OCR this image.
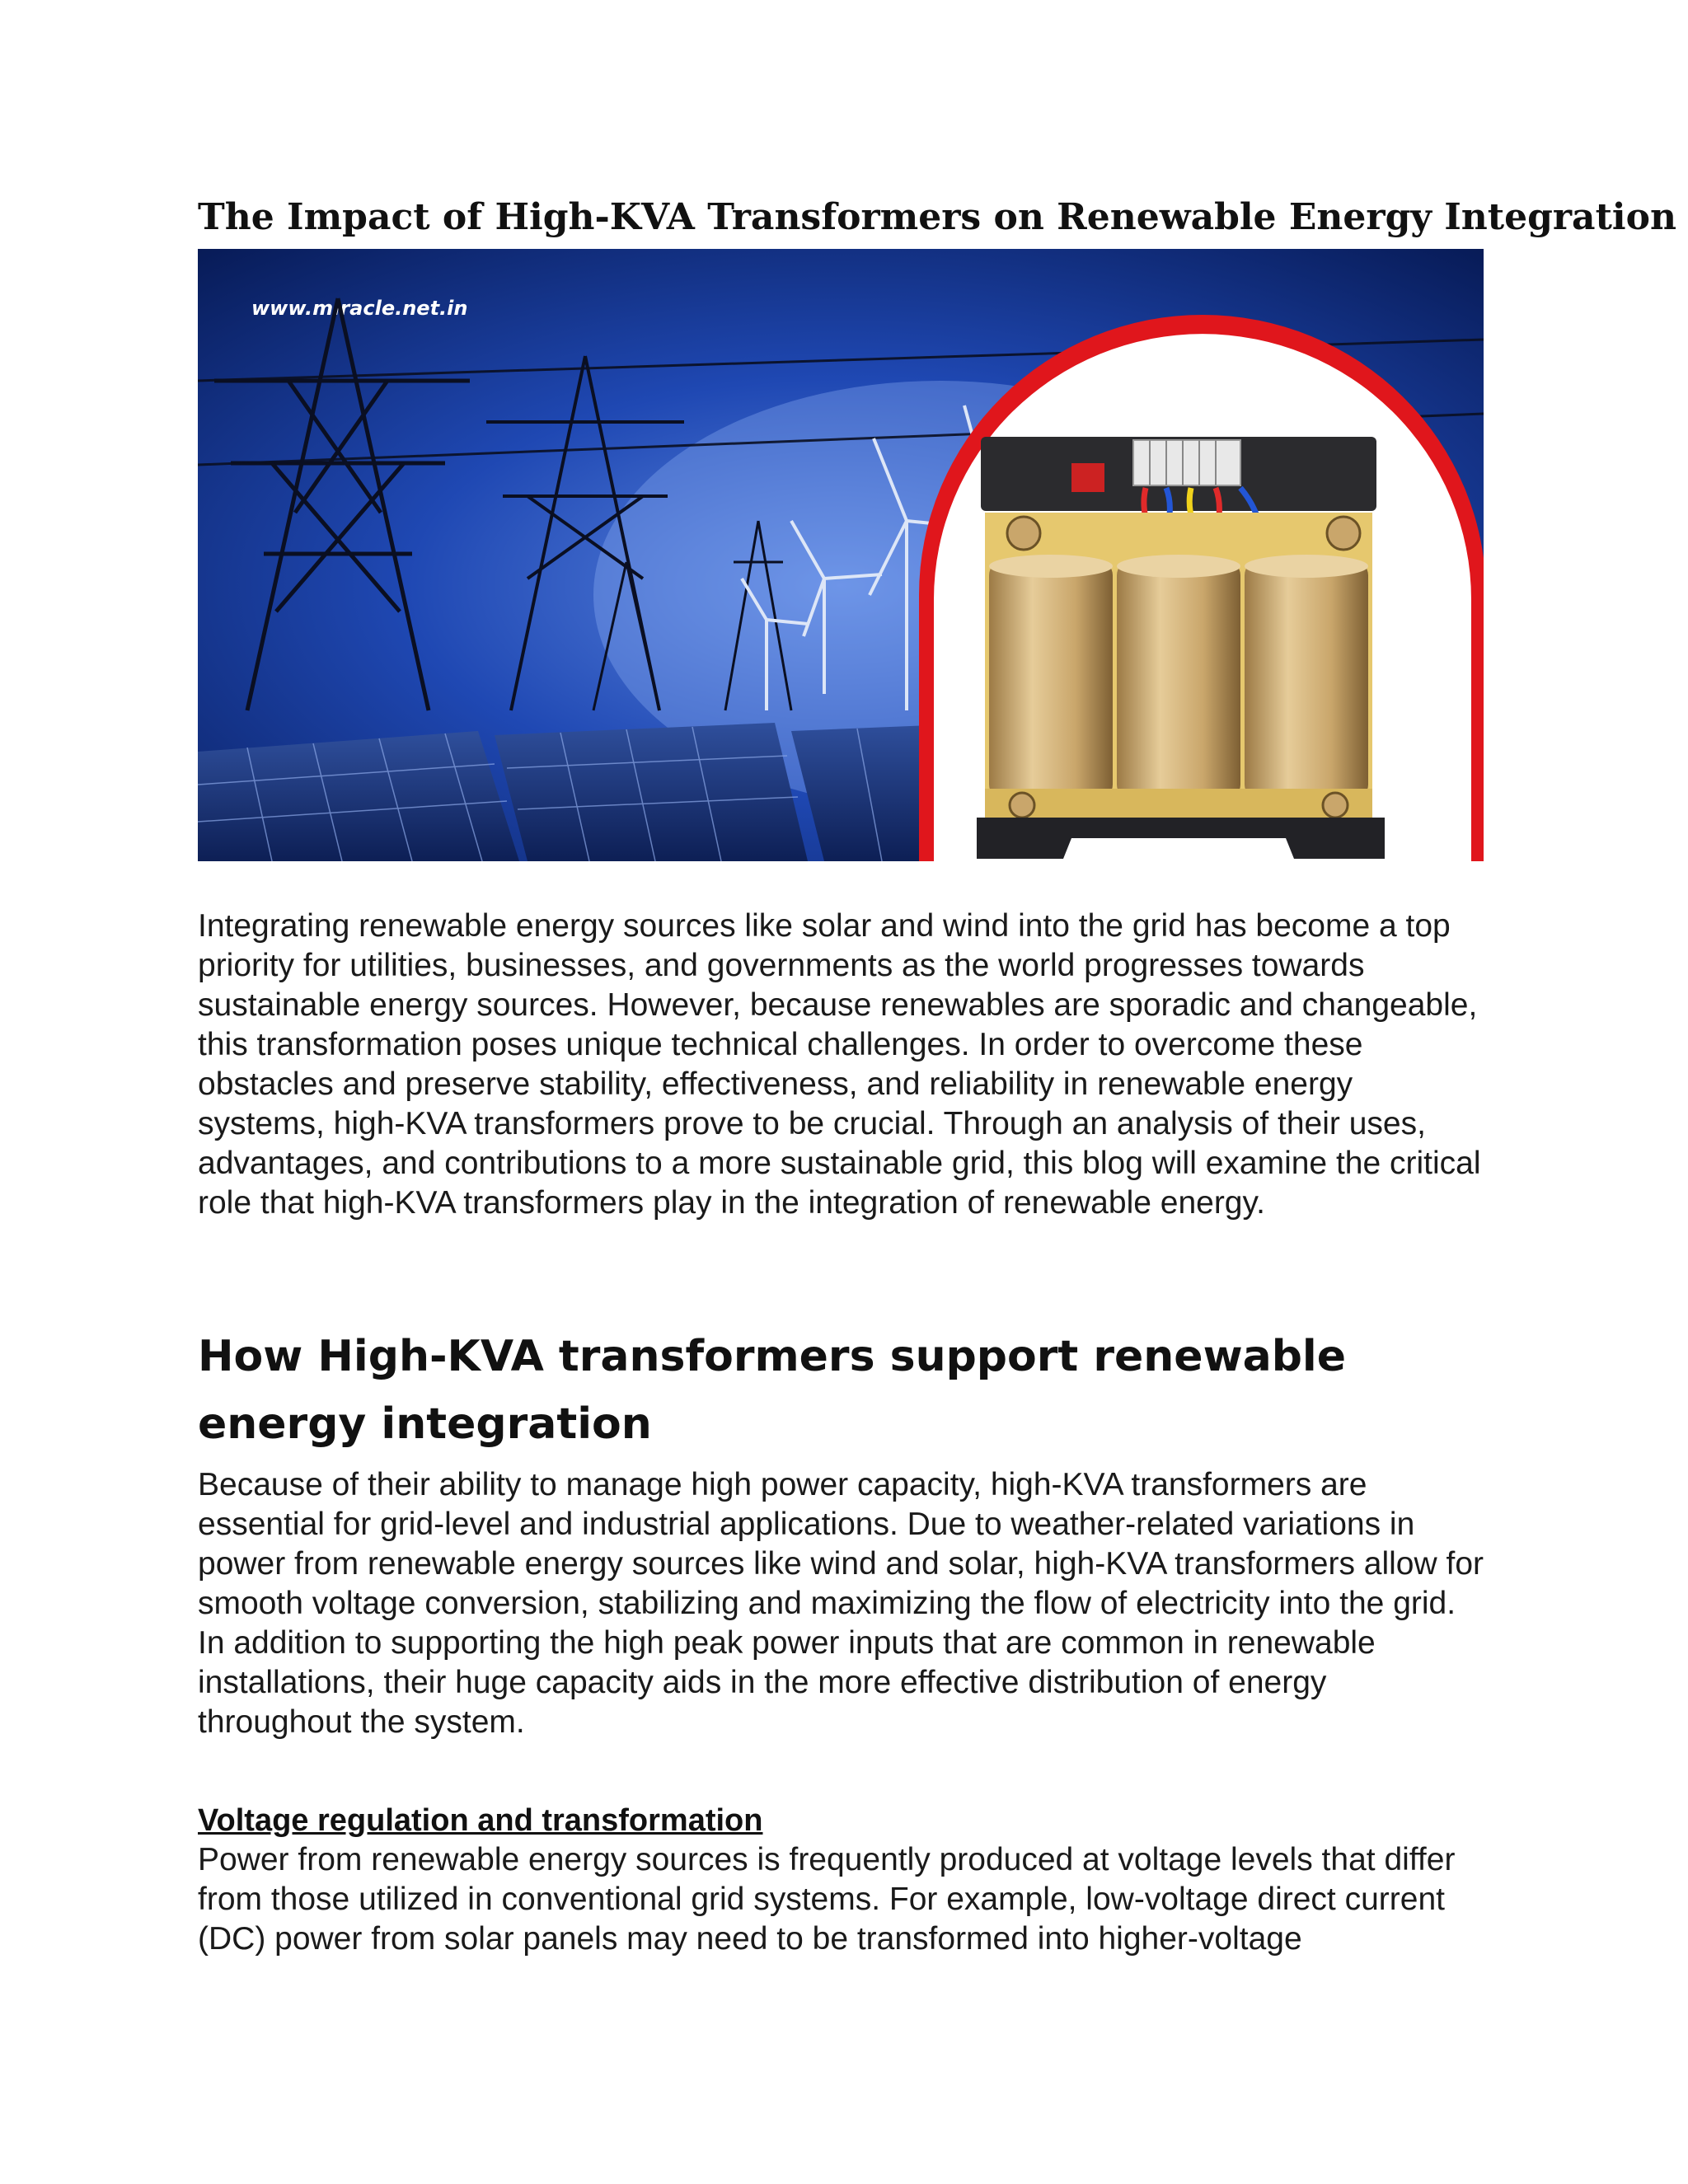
The Impact of High-KVA Transformers on Renewable Energy Integration
www.miracle.net.in

Integrating renewable energy sources like solar and wind into the grid has become a top priority for utilities, businesses, and governments as the world progresses towards sustainable energy sources. However, because renewables are sporadic and changeable, this transformation poses unique technical challenges. In order to overcome these obstacles and preserve stability, effectiveness, and reliability in renewable energy systems, high-KVA transformers prove to be crucial. Through an analysis of their uses, advantages, and contributions to a more sustainable grid, this blog will examine the critical role that high-KVA transformers play in the integration of renewable energy.

How High-KVA transformers support renewable energy integration

Because of their ability to manage high power capacity, high-KVA transformers are essential for grid-level and industrial applications. Due to weather-related variations in power from renewable energy sources like wind and solar, high-KVA transformers allow for smooth voltage conversion, stabilizing and maximizing the flow of electricity into the grid. In addition to supporting the high peak power inputs that are common in renewable installations, their huge capacity aids in the more effective distribution of energy throughout the system.

Voltage regulation and transformation

Power from renewable energy sources is frequently produced at voltage levels that differ from those utilized in conventional grid systems. For example, low-voltage direct current (DC) power from solar panels may need to be transformed into higher-voltage
